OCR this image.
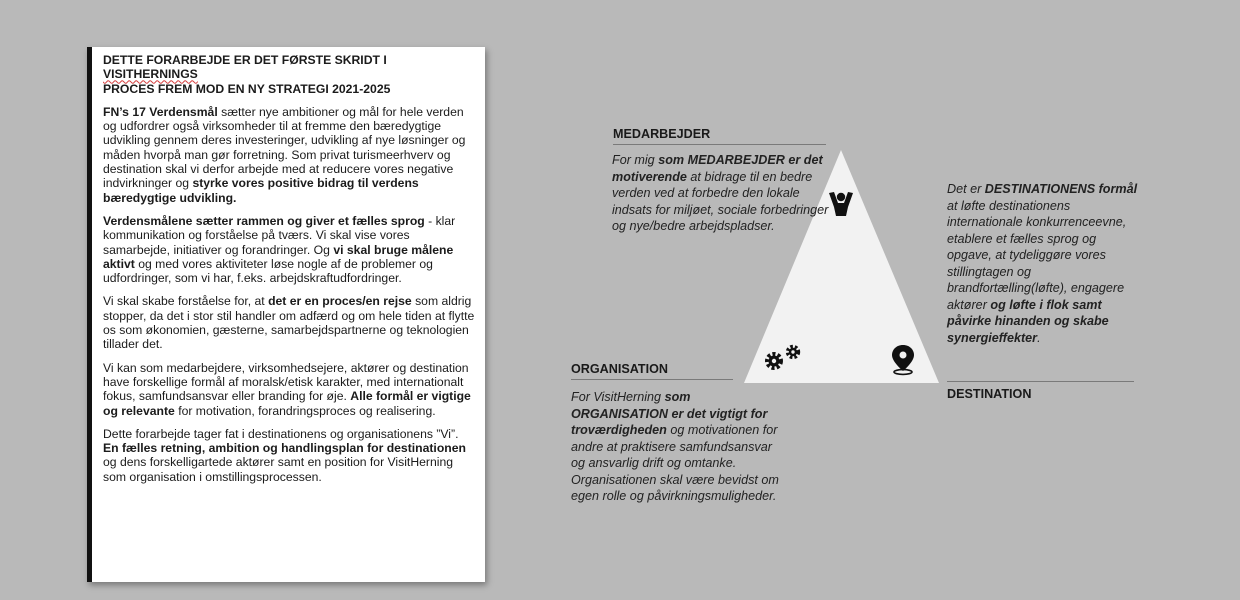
DETTE FORARBEJDE ER DET FØRSTE SKRIDT I VISITHERNINGS
PROCES FREM MOD EN NY STRATEGI 2021-2025

FN’s 17 Verdensmål sætter nye ambitioner og mål for hele verden og udfordrer også virksomheder til at fremme den bæredygtige udvikling gennem deres investeringer, udvikling af nye løsninger og måden hvorpå man gør forretning. Som privat turismeerhverv og destination skal vi derfor arbejde med at reducere vores negative indvirkninger og styrke vores positive bidrag til verdens bæredygtige udvikling.

Verdensmålene sætter rammen og giver et fælles sprog - klar kommunikation og forståelse på tværs. Vi skal vise vores samarbejde, initiativer og forandringer. Og vi skal bruge målene aktivt og med vores aktiviteter løse nogle af de problemer og udfordringer, som vi har, f.eks. arbejdskraftudfordringer.

Vi skal skabe forståelse for, at det er en proces/en rejse som aldrig stopper, da det i stor stil handler om adfærd og om hele tiden at flytte os som økonomien, gæsterne, samarbejdspartnerne og teknologien tillader det.

Vi kan som medarbejdere, virksomhedsejere, aktører og destination have forskellige formål af moralsk/etisk karakter, med internationalt fokus, samfundsansvar eller branding for øje. Alle formål er vigtige og relevante for motivation, forandringsproces og realisering.

Dette forarbejde tager fat i destinationens og organisationens ”Vi”. En fælles retning, ambition og handlingsplan for destinationen og dens forskelligartede aktører samt en position for VisitHerning som organisation i omstillingsprocessen.

MEDARBEJDER
For mig som MEDARBEJDER er det motiverende at bidrage til en bedre verden ved at forbedre den lokale indsats for miljøet, sociale forbedringer og nye/bedre arbejdspladser.
Det er DESTINATIONENS formål at løfte destinationens internationale konkurrenceevne, etablere et fælles sprog og opgave, at tydeliggøre vores stillingtagen og brandfortælling(løfte), engagere aktører og løfte i flok samt påvirke hinanden og skabe synergieffekter.
DESTINATION
ORGANISATION
For VisitHerning som ORGANISATION er det vigtigt for troværdigheden og motivationen for andre at praktisere samfundsansvar og ansvarlig drift og omtanke. Organisationen skal være bevidst om egen rolle og påvirkningsmuligheder.
